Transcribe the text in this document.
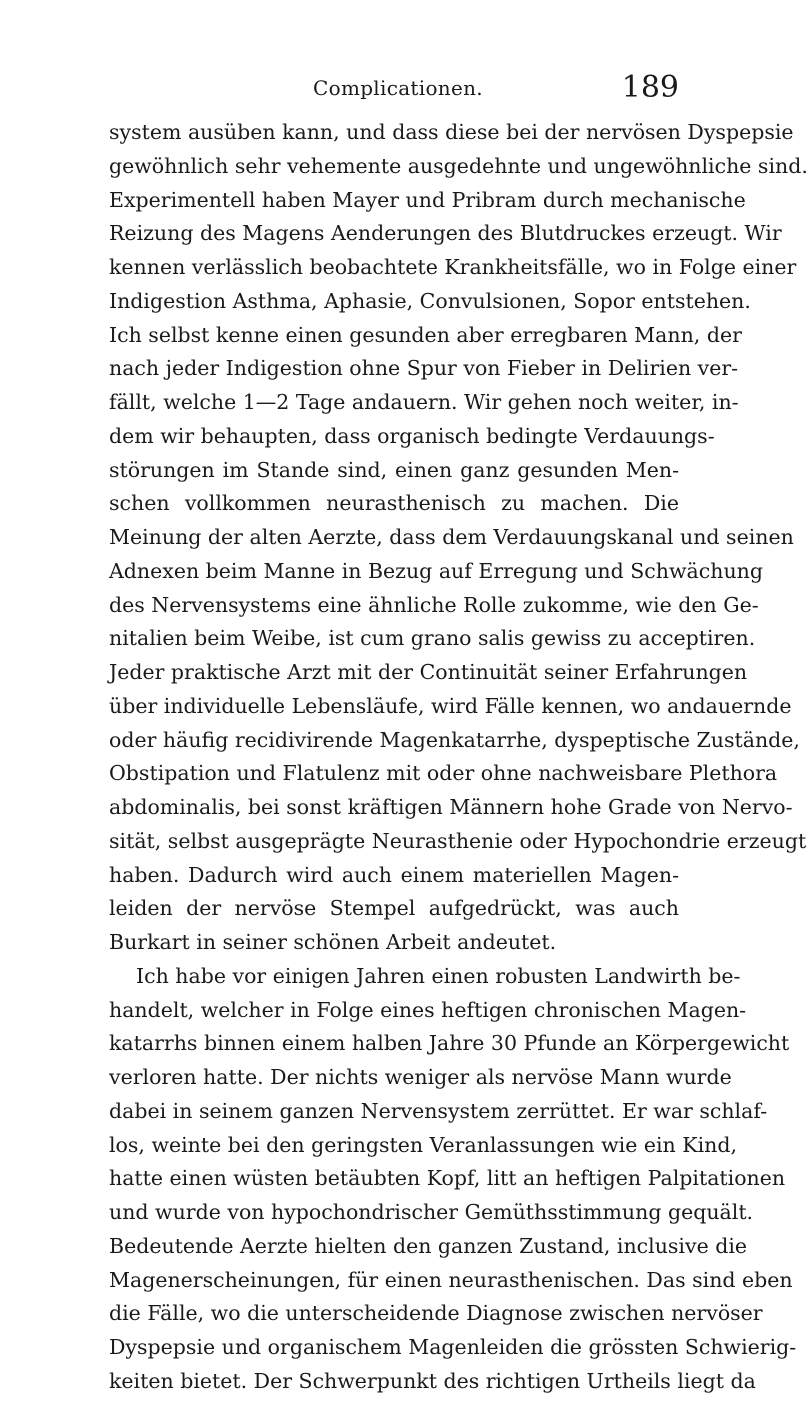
Complicationen.	189
system ausüben kann, und dass diese bei der nervösen Dyspepsie
gewöhnlich sehr vehemente ausgedehnte und ungewöhnliche sind.
Experimentell haben Mayer und Pribram durch mechanische
Reizung des Magens Aenderungen des Blutdruckes erzeugt. Wir
kennen verlässlich beobachtete Krankheitsfälle, wo in Folge einer
Indigestion Asthma, Aphasie, Convulsionen, Sopor entstehen.
Ich selbst kenne einen gesunden aber erregbaren Mann, der
nach jeder Indigestion ohne Spur von Fieber in Delirien ver-
fällt, welche 1—2 Tage andauern. Wir gehen noch weiter, in-
dem wir behaupten, dass organisch bedingte Verdauungs-
störungen im Stande sind, einen ganz gesunden Men-
schen vollkommen neurasthenisch zu machen. Die
Meinung der alten Aerzte, dass dem Verdauungskanal und seinen
Adnexen beim Manne in Bezug auf Erregung und Schwächung
des Nervensystems eine ähnliche Rolle zukomme, wie den Ge-
nitalien beim Weibe, ist cum grano salis gewiss zu acceptiren.
Jeder praktische Arzt mit der Continuität seiner Erfahrungen
über individuelle Lebensläufe, wird Fälle kennen, wo andauernde
oder häufig recidivirende Magenkatarrhe, dyspeptische Zustände,
Obstipation und Flatulenz mit oder ohne nachweisbare Plethora
abdominalis, bei sonst kräftigen Männern hohe Grade von Nervo-
sität, selbst ausgeprägte Neurasthenie oder Hypochondrie erzeugt
haben. Dadurch wird auch einem materiellen Magen-
leiden der nervöse Stempel aufgedrückt, was auch
Burkart in seiner schönen Arbeit andeutet.
Ich habe vor einigen Jahren einen robusten Landwirth be-
handelt, welcher in Folge eines heftigen chronischen Magen-
katarrhs binnen einem halben Jahre 30 Pfunde an Körpergewicht
verloren hatte. Der nichts weniger als nervöse Mann wurde
dabei in seinem ganzen Nervensystem zerrüttet. Er war schlaf-
los, weinte bei den geringsten Veranlassungen wie ein Kind,
hatte einen wüsten betäubten Kopf, litt an heftigen Palpitationen
und wurde von hypochondrischer Gemüthsstimmung gequält.
Bedeutende Aerzte hielten den ganzen Zustand, inclusive die
Magenerscheinungen, für einen neurasthenischen. Das sind eben
die Fälle, wo die unterscheidende Diagnose zwischen nervöser
Dyspepsie und organischem Magenleiden die grössten Schwierig-
keiten bietet. Der Schwerpunkt des richtigen Urtheils liegt da
